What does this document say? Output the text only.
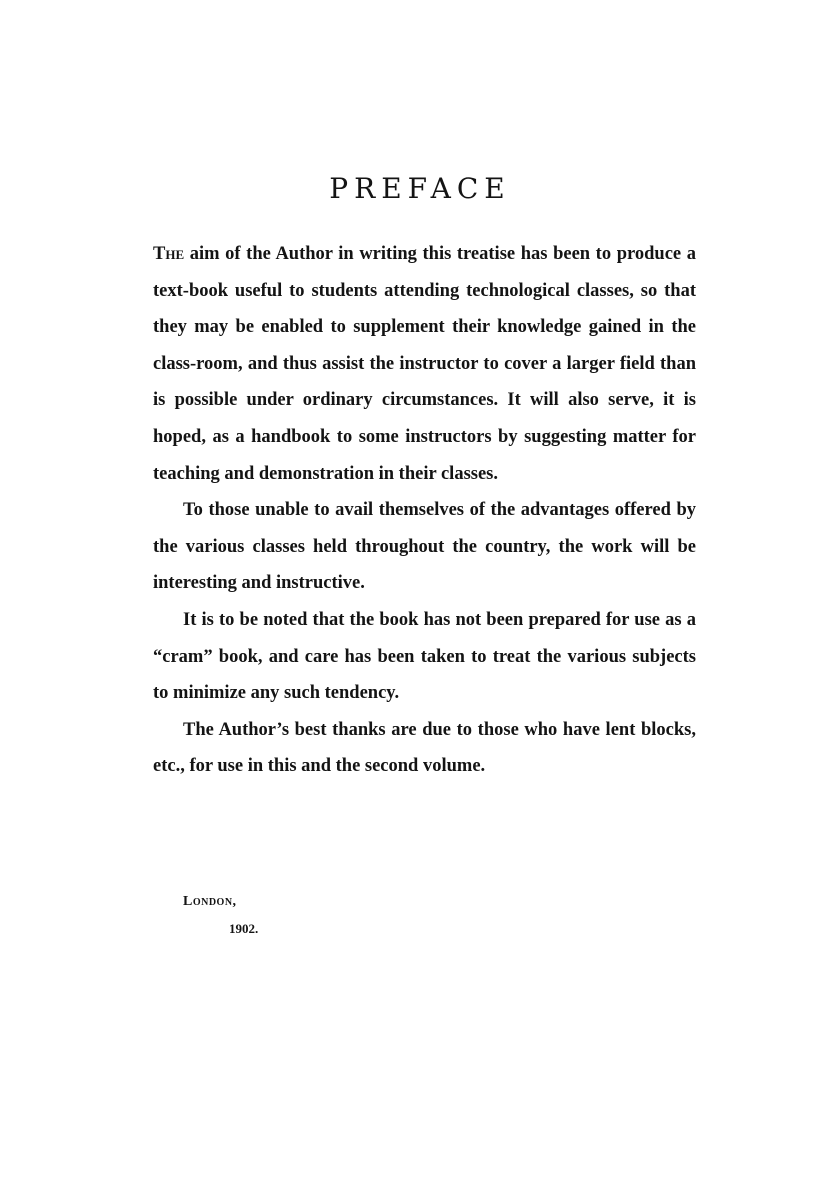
PREFACE

The aim of the Author in writing this treatise has been to produce a text-book useful to students attending technological classes, so that they may be enabled to supplement their knowledge gained in the class-room, and thus assist the instructor to cover a larger field than is possible under ordinary circumstances. It will also serve, it is hoped, as a handbook to some instructors by suggesting matter for teaching and demonstration in their classes.

To those unable to avail themselves of the advantages offered by the various classes held throughout the country, the work will be interesting and instructive.

It is to be noted that the book has not been prepared for use as a “cram” book, and care has been taken to treat the various subjects to minimize any such tendency.

The Author’s best thanks are due to those who have lent blocks, etc., for use in this and the second volume.

London,
1902.
